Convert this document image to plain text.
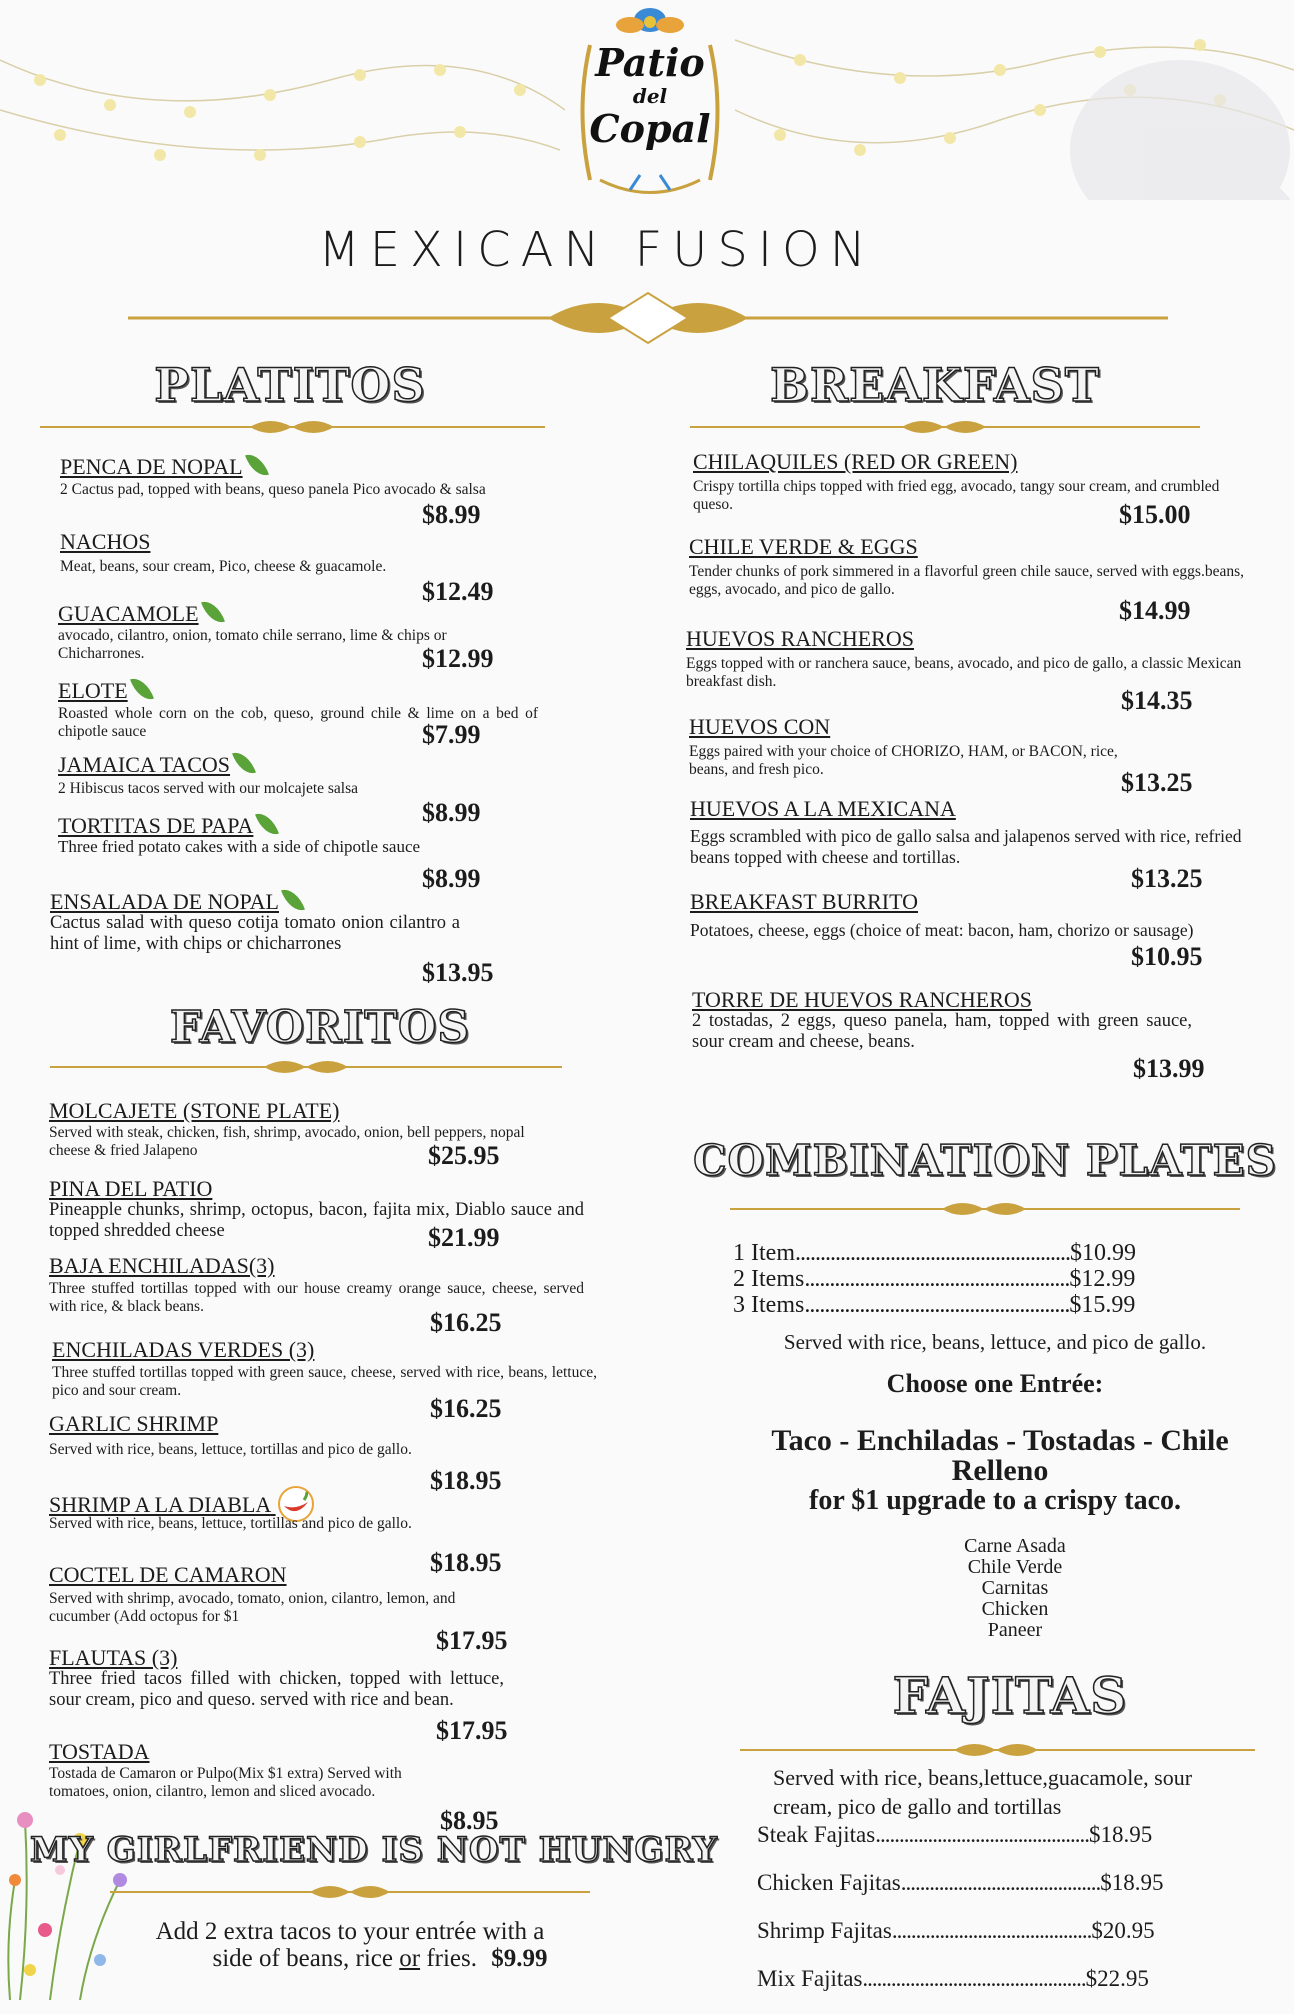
Patio
del
Copal
MEXICAN FUSION
PLATITOS
PENCA DE NOPAL
2 Cactus pad, topped with beans, queso panela Pico avocado & salsa
$8.99
NACHOS
Meat, beans, sour cream, Pico, cheese & guacamole.
$12.49
GUACAMOLE
avocado, cilantro, onion, tomato chile serrano, lime & chips or Chicharrones.	$12.99
ELOTE
Roasted whole corn on the cob, queso, ground chile & lime on a bed of chipotle sauce	$7.99
JAMAICA TACOS
2 Hibiscus tacos served with our molcajete salsa
$8.99
TORTITAS DE PAPA
Three fried potato cakes with a side of chipotle sauce
$8.99
ENSALADA DE NOPAL
Cactus salad with queso cotija tomato onion cilantro a hint of lime, with chips or chicharrones
$13.95
FAVORITOS
MOLCAJETE (STONE PLATE)
Served with steak, chicken, fish, shrimp, avocado, onion, bell peppers, nopal cheese & fried Jalapeno	$25.95
PINA DEL PATIO
Pineapple chunks, shrimp, octopus, bacon, fajita mix, Diablo sauce and topped shredded cheese	$21.99
BAJA ENCHILADAS(3)
Three stuffed tortillas topped with our house creamy orange sauce, cheese, served with rice, & black beans.
$16.25
ENCHILADAS VERDES (3)
Three stuffed tortillas topped with green sauce, cheese, served with rice, beans, lettuce, pico and sour cream.
$16.25
GARLIC SHRIMP
Served with rice, beans, lettuce, tortillas and pico de gallo.
$18.95
SHRIMP A LA DIABLA
Served with rice, beans, lettuce, tortillas and pico de gallo.
$18.95
COCTEL DE CAMARON
Served with shrimp, avocado, tomato, onion, cilantro, lemon, and cucumber (Add octopus for $1
$17.95
FLAUTAS (3)
Three fried tacos filled with chicken, topped with lettuce, sour cream, pico and queso. served with rice and bean.
$17.95
TOSTADA
Tostada de Camaron or Pulpo(Mix $1 extra) Served with tomatoes, onion, cilantro, lemon and sliced avocado.
$8.95
MY GIRLFRIEND IS NOT HUNGRY
Add 2 extra tacos to your entrée with a
side of beans, rice or fries. $9.99
BREAKFAST
CHILAQUILES (RED OR GREEN)
Crispy tortilla chips topped with fried egg, avocado, tangy sour cream, and crumbled queso.	$15.00
CHILE VERDE & EGGS
Tender chunks of pork simmered in a flavorful green chile sauce, served with eggs.beans, eggs, avocado, and pico de gallo.
$14.99
HUEVOS RANCHEROS
Eggs topped with or ranchera sauce, beans, avocado, and pico de gallo, a classic Mexican breakfast dish.
$14.35
HUEVOS CON
Eggs paired with your choice of CHORIZO, HAM, or BACON, rice, beans, and fresh pico.	$13.25
HUEVOS A LA MEXICANA
Eggs scrambled with pico de gallo salsa and jalapenos served with rice, refried beans topped with cheese and tortillas.
$13.25
BREAKFAST BURRITO
Potatoes, cheese, eggs (choice of meat: bacon, ham, chorizo or sausage)
$10.95
TORRE DE HUEVOS RANCHEROS
2 tostadas, 2 eggs, queso panela, ham, topped with green sauce, sour cream and cheese, beans.
$13.99
COMBINATION PLATES
1 Item.......................................................$10.99
2 Items.....................................................$12.99
3 Items.....................................................$15.99
Served with rice, beans, lettuce, and pico de gallo.
Choose one Entrée:
Taco - Enchiladas - Tostadas - Chile Relleno
for $1 upgrade to a crispy taco.
Carne Asada
Chile Verde
Carnitas
Chicken
Paneer
FAJITAS
Served with rice, beans,lettuce,guacamole, sour cream, pico de gallo and tortillas
Steak Fajitas.............................................$18.95
Chicken Fajitas..........................................$18.95
Shrimp Fajitas..........................................$20.95
Mix Fajitas...............................................$22.95
